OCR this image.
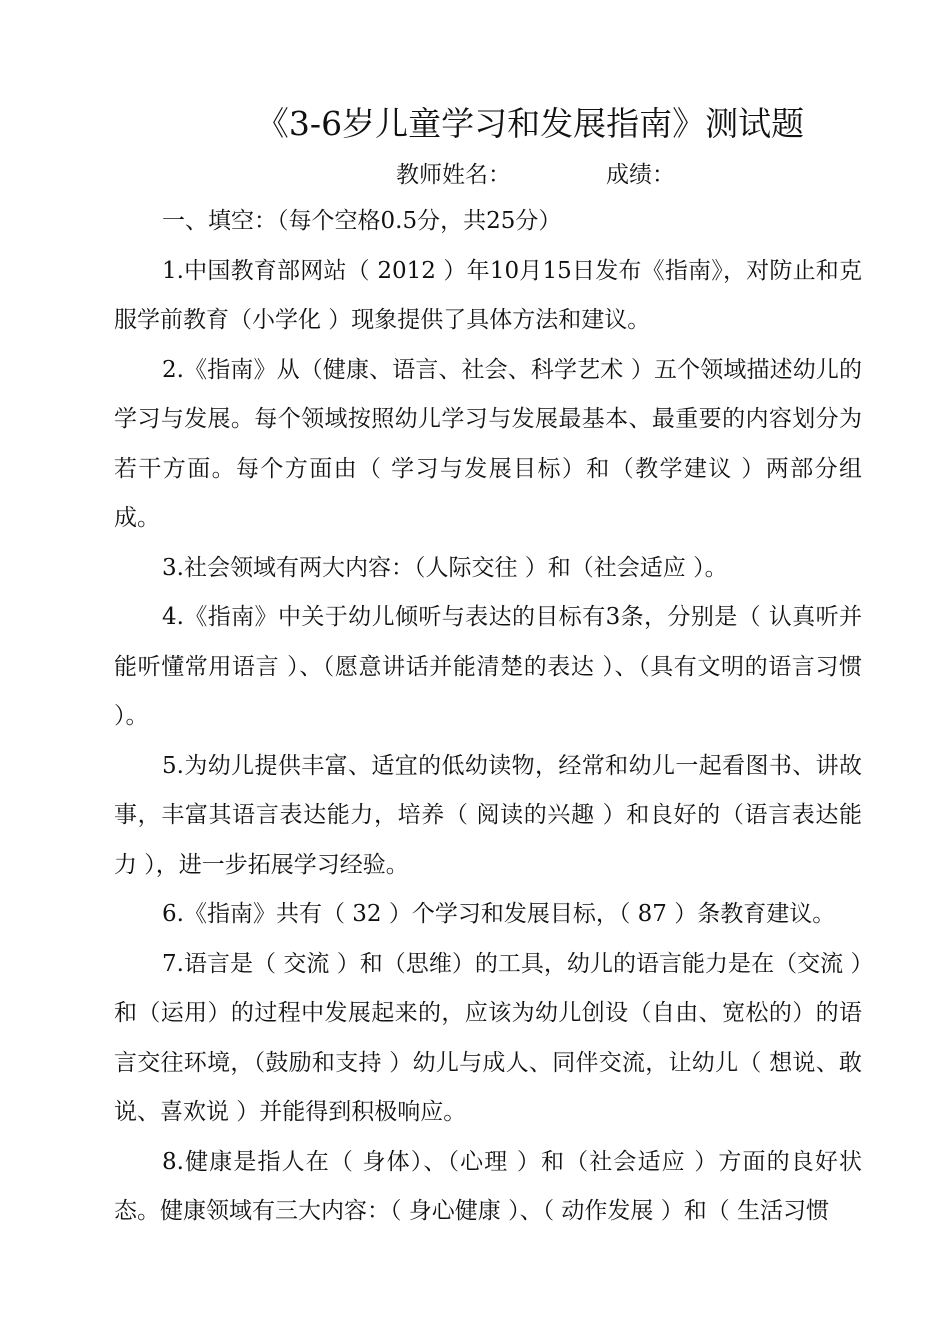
《3-6岁儿童学习和发展指南》测试题
教师姓名：	成绩：

一、填空：（每个空格0.5分，共25分）

1.中国教育部网站（ 2012 ）年10月15日发布《指南》，对防止和克服学前教育（小学化 ）现象提供了具体方法和建议。

2.《指南》从（健康、语言、社会、科学艺术 ）五个领域描述幼儿的学习与发展。每个领域按照幼儿学习与发展最基本、最重要的内容划分为若干方面。每个方面由（ 学习与发展目标）和（教学建议 ）两部分组成。

3.社会领域有两大内容：（人际交往 ）和（社会适应 ）。

4.《指南》中关于幼儿倾听与表达的目标有3条，分别是（ 认真听并能听懂常用语言 ）、（愿意讲话并能清楚的表达 ）、（具有文明的语言习惯 ）。

5.为幼儿提供丰富、适宜的低幼读物，经常和幼儿一起看图书、讲故事，丰富其语言表达能力，培养（ 阅读的兴趣 ）和良好的（语言表达能力 ），进一步拓展学习经验。

6.《指南》共有（ 32 ）个学习和发展目标，（ 87 ）条教育建议。

7.语言是（ 交流 ）和（思维）的工具，幼儿的语言能力是在（交流 ）和（运用）的过程中发展起来的，应该为幼儿创设（自由、宽松的）的语言交往环境，（鼓励和支持 ）幼儿与成人、同伴交流，让幼儿（ 想说、敢说、喜欢说 ）并能得到积极响应。

8.健康是指人在（ 身体）、（心理 ）和（社会适应 ）方面的良好状态。健康领域有三大内容：（ 身心健康 ）、（ 动作发展 ）和（ 生活习惯
